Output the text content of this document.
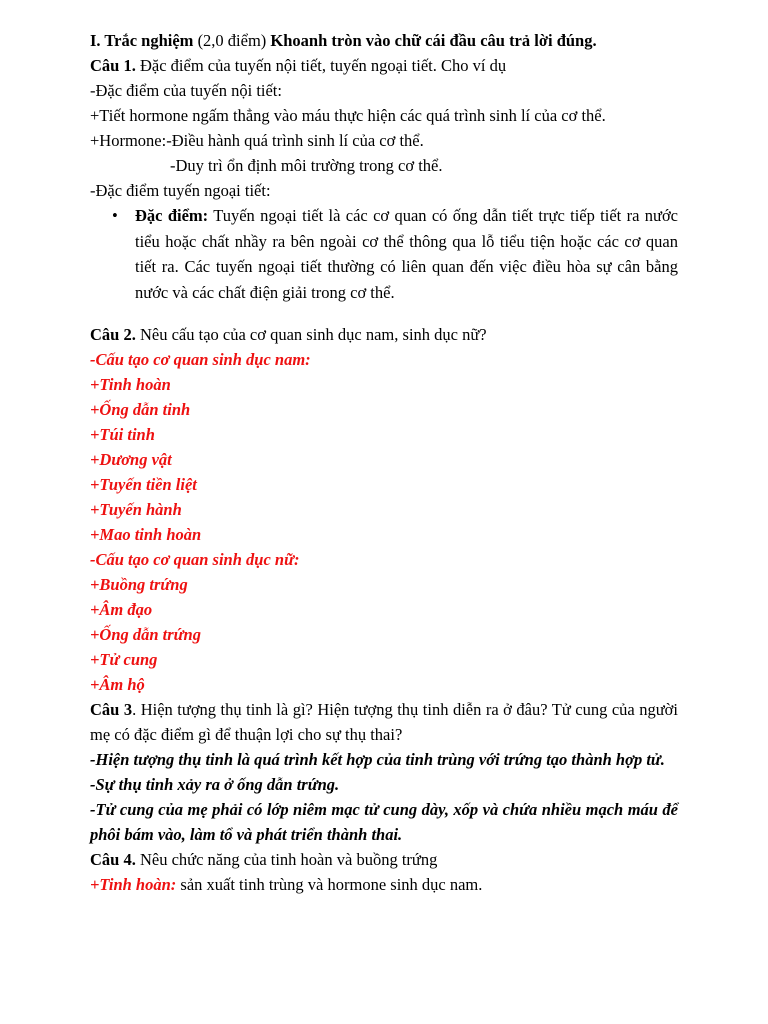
I. Trắc nghiệm (2,0 điểm) Khoanh tròn vào chữ cái đầu câu trả lời đúng.
Câu 1. Đặc điểm của tuyến nội tiết, tuyến ngoại tiết. Cho ví dụ
-Đặc điểm của tuyến nội tiết:
+Tiết hormone ngấm thẳng vào máu thực hiện các quá trình sinh lí của cơ thể.
+Hormone:-Điều hành quá trình sinh lí của cơ thể.
-Duy trì ổn định môi trường trong cơ thể.
-Đặc điểm tuyến ngoại tiết:
• Đặc điểm: Tuyến ngoại tiết là các cơ quan có ống dẫn tiết trực tiếp tiết ra nước tiểu hoặc chất nhầy ra bên ngoài cơ thể thông qua lỗ tiểu tiện hoặc các cơ quan tiết ra. Các tuyến ngoại tiết thường có liên quan đến việc điều hòa sự cân bằng nước và các chất điện giải trong cơ thể.
Câu 2. Nêu cấu tạo của cơ quan sinh dục nam, sinh dục nữ?
-Cấu tạo cơ quan sinh dục nam:
+Tinh hoàn
+Ống dẫn tinh
+Túi tinh
+Dương vật
+Tuyến tiền liệt
+Tuyến hành
+Mao tinh hoàn
-Cấu tạo cơ quan sinh dục nữ:
+Buồng trứng
+Âm đạo
+Ống dẫn trứng
+Tử cung
+Âm hộ
Câu 3. Hiện tượng thụ tinh là gì? Hiện tượng thụ tinh diễn ra ở đâu? Tử cung của người mẹ có đặc điểm gì để thuận lợi cho sự thụ thai?
-Hiện tượng thụ tinh là quá trình kết hợp của tinh trùng với trứng tạo thành hợp tử.
-Sự thụ tinh xảy ra ở ống dẫn trứng.
-Tử cung của mẹ phải có lớp niêm mạc tử cung dày, xốp và chứa nhiều mạch máu để phôi bám vào, làm tổ và phát triển thành thai.
Câu 4. Nêu chức năng của tinh hoàn và buồng trứng
+Tinh hoàn: sản xuất tinh trùng và hormone sinh dục nam.
